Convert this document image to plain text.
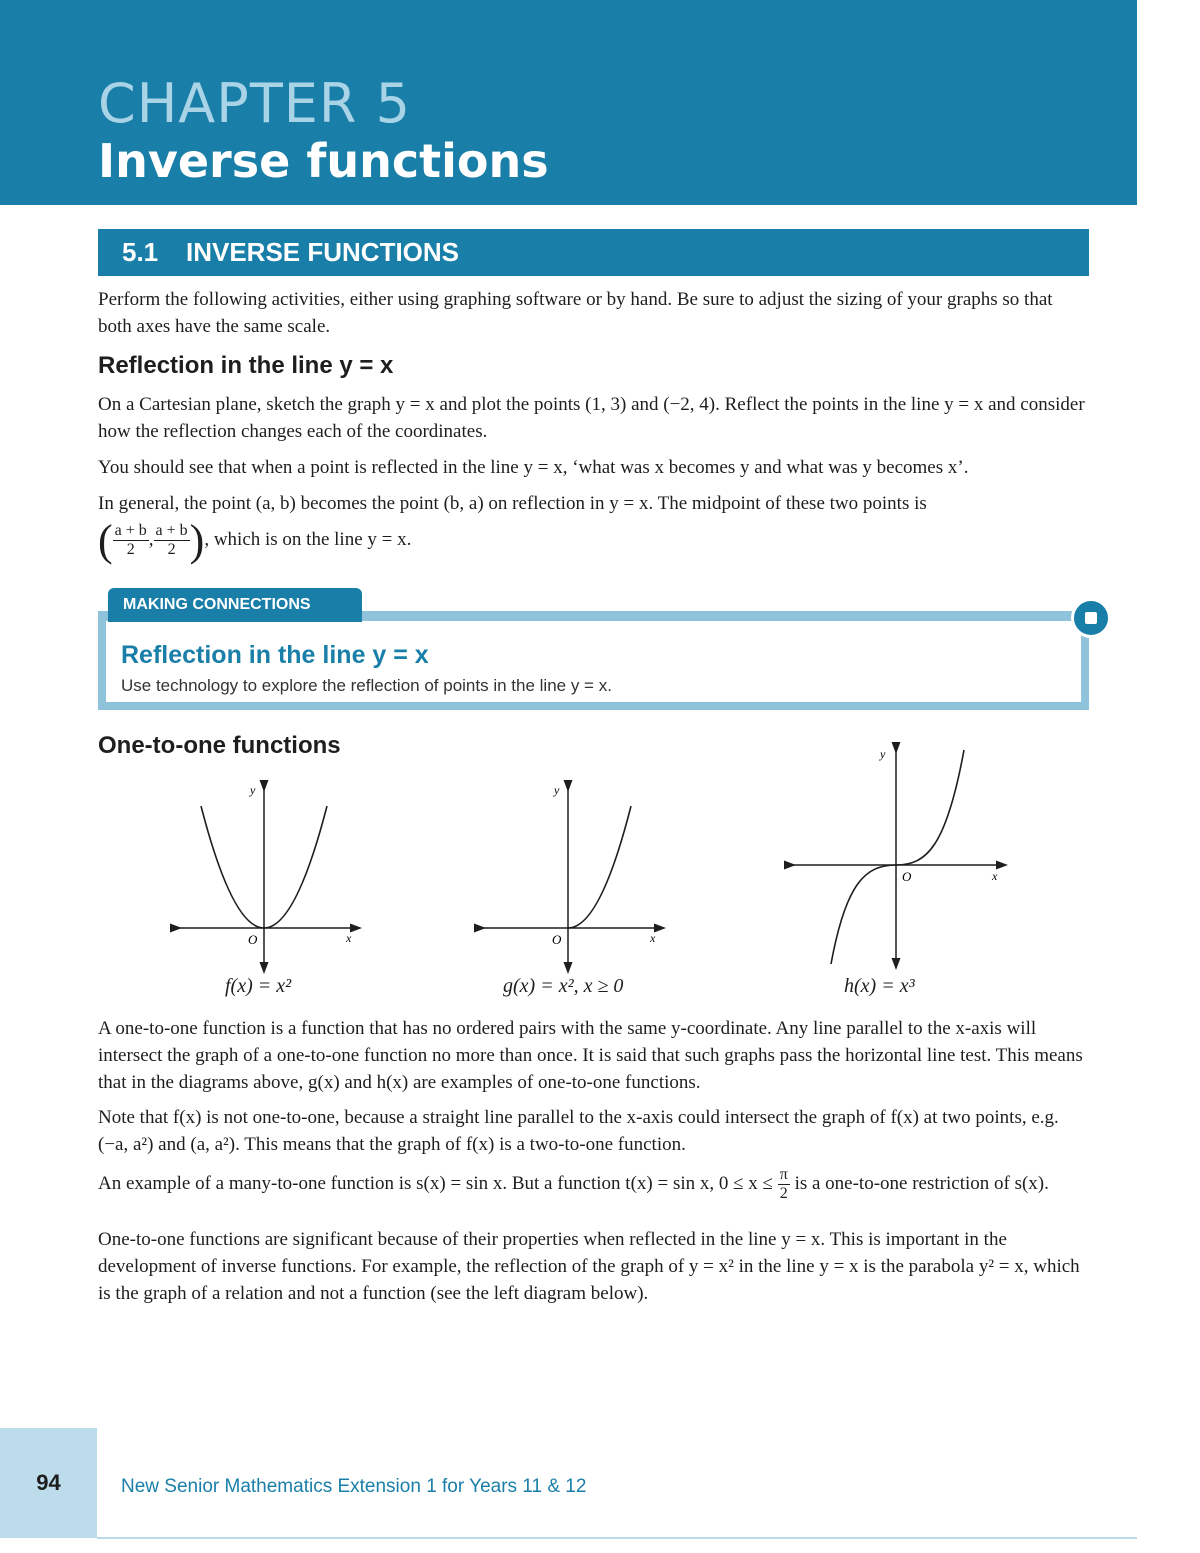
CHAPTER 5
Inverse functions
5.1	INVERSE FUNCTIONS

Perform the following activities, either using graphing software or by hand. Be sure to adjust the sizing of your graphs so that both axes have the same scale.

Reflection in the line y = x

On a Cartesian plane, sketch the graph y = x and plot the points (1, 3) and (−2, 4). Reflect the points in the line y = x and consider how the reflection changes each of the coordinates.

You should see that when a point is reflected in the line y = x, ‘what was x becomes y and what was y becomes x’.

In general, the point (a, b) becomes the point (b, a) on reflection in y = x. The midpoint of these two points is

( $\frac{a + b}{2}$ , $\frac{a + b}{2}$ ), which is on the line y = x.
Reflection in the line y = x
Use technology to explore the reflection of points in the line y = x.
MAKING CONNECTIONS
One-to-one functions
O	x
y
f(x) = x²
O	x
y
g(x) = x², x ≥ 0
O	x
y
h(x) = x³

A one-to-one function is a function that has no ordered pairs with the same y-coordinate. Any line parallel to the x-axis will intersect the graph of a one-to-one function no more than once. It is said that such graphs pass the horizontal line test. This means that in the diagrams above, g(x) and h(x) are examples of one-to-one functions.

Note that f(x) is not one-to-one, because a straight line parallel to the x-axis could intersect the graph of f(x) at two points, e.g. (−a, a²) and (a, a²). This means that the graph of f(x) is a two-to-one function.

An example of a many-to-one function is s(x) = sin x. But a function t(x) = sin x, $0 \le x \le \frac{\pi}{2}$ is a one-to-one restriction of s(x).

One-to-one functions are significant because of their properties when reflected in the line y = x. This is important in the development of inverse functions. For example, the reflection of the graph of y = x² in the line y = x is the parabola y² = x, which is the graph of a relation and not a function (see the left diagram below).

94	New Senior Mathematics Extension 1 for Years 11 & 12
